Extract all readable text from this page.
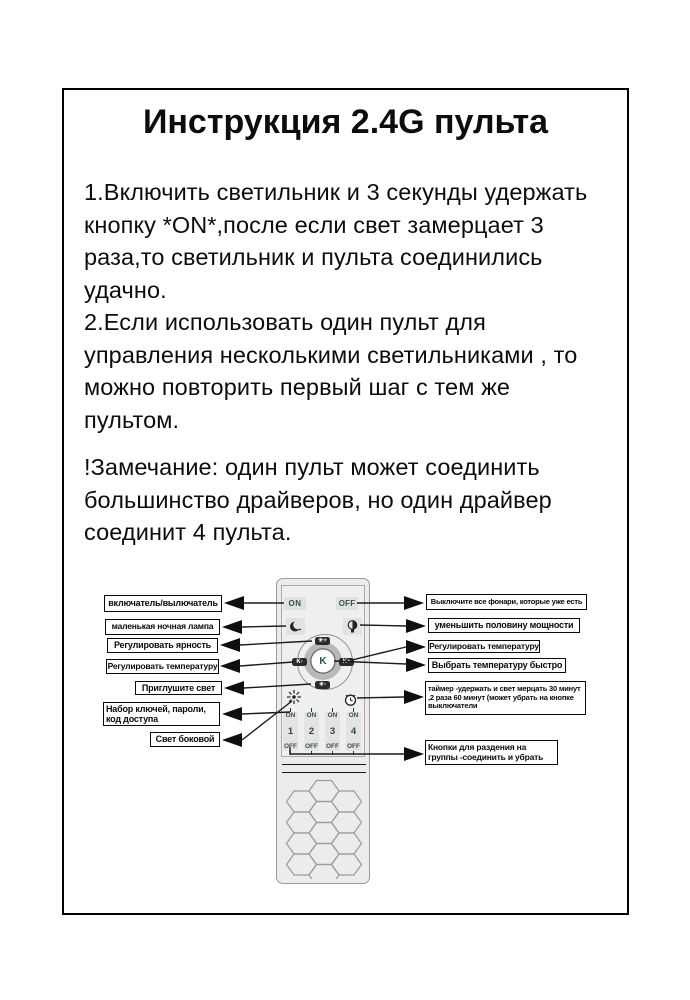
Инструкция 2.4G пульта

1.Включить светильник и 3 секунды удержать кнопку *ON*,после если свет замерцает 3 раза,то светильник и пульта соединились удачно.

2.Если использовать один пульт для управления несколькими светильниками , то можно повторить первый шаг с тем же пультом.

!Замечание: один пульт может соединить большинство драйверов, но один драйвер соединит 4 пульта.

ON	OFF
K
☀+
☀-
K-	K+
ON
1
OFF
ON
2
OFF
ON
3
OFF
ON
4
OFF
включатель/вылючатель
маленькая ночная лампа
Регулировать ярность
Регулировать температуру
Приглушите свет
Набор ключей, пароли, код доступа
Свет боковой
Выключите все фонари, которые уже есть
уменьшить половину мощности
Регулировать температуру
Выбрать температуру быстро
таймер -удержать и свет мерцать 30 минут ,2 раза 60 минут (может убрать на кнопке выключатели
Кнопки для раздения на группы -соединить и убрать
